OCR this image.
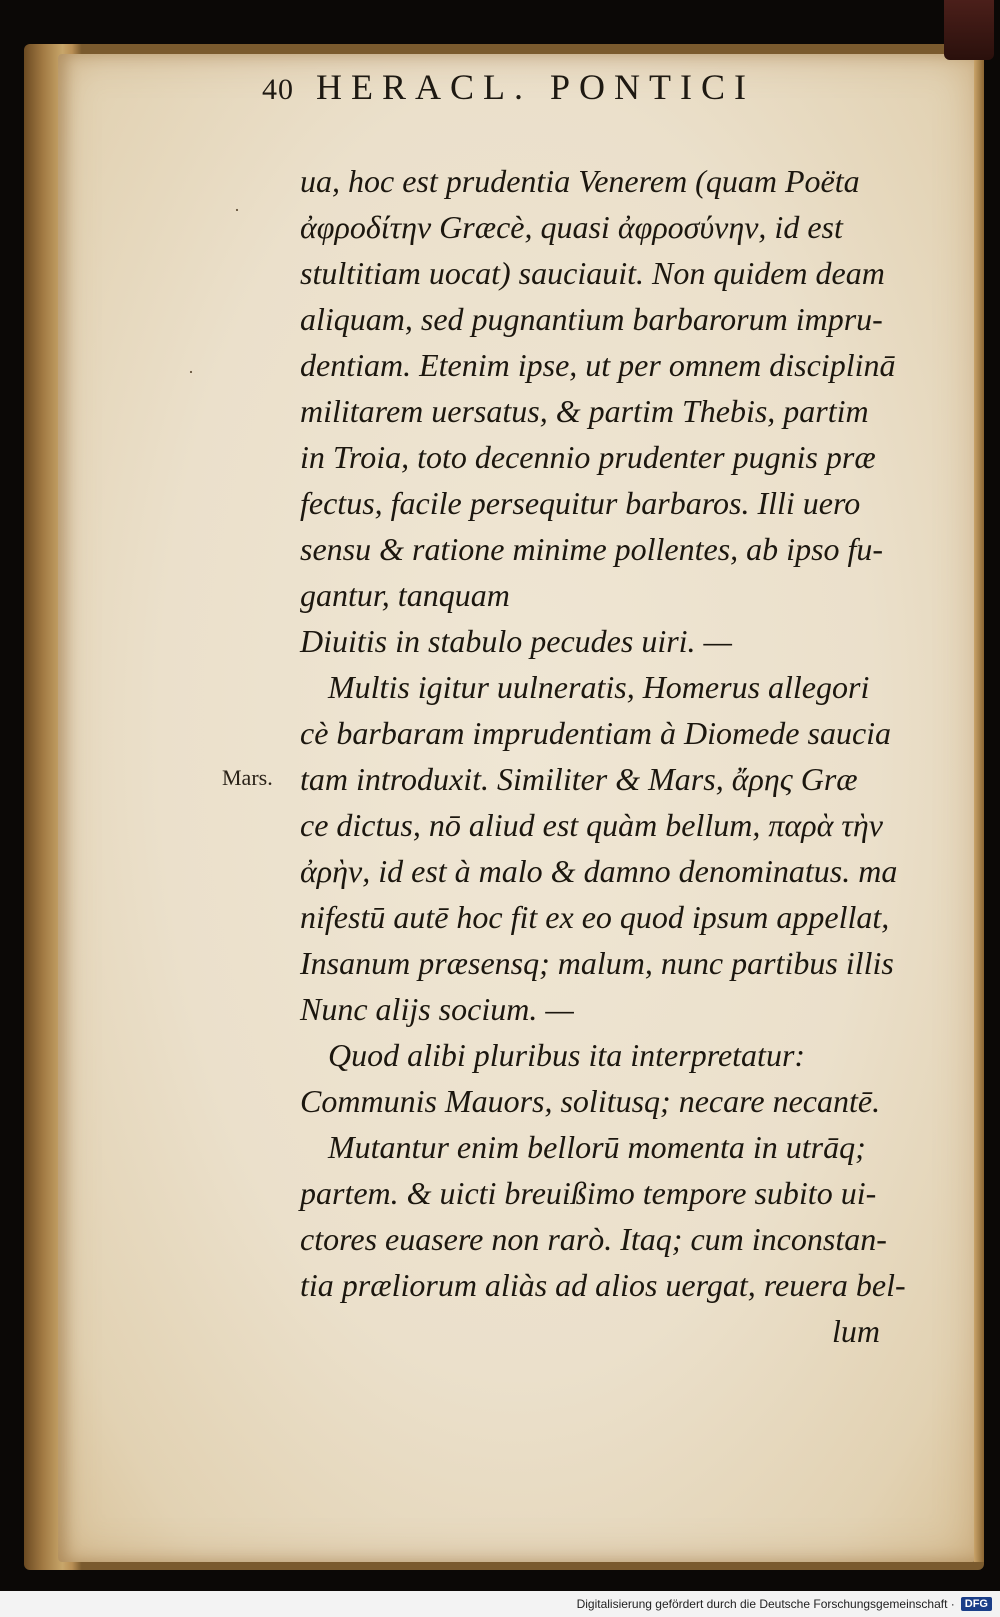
40 HERACL. PONTICI
Mars.
·
·
ua, hoc est prudentia Venerem (quam Poëta
ἀφροδίτην Græcè, quasi ἀφροσύνην, id est
stultitiam uocat) sauciauit. Non quidem deam
aliquam, sed pugnantium barbarorum impru-
dentiam. Etenim ipse, ut per omnem disciplinā
militarem uersatus, & partim Thebis, partim
in Troia, toto decennio prudenter pugnis præ
fectus, facile persequitur barbaros. Illi uero
sensu & ratione minime pollentes, ab ipso fu-
gantur, tanquam
Diuitis in stabulo pecudes uiri. —
Multis igitur uulneratis, Homerus allegori
cè barbaram imprudentiam à Diomede saucia
tam introduxit. Similiter & Mars, ἄρης Græ
ce dictus, nō aliud est quàm bellum, παρὰ τὴν
ἀρὴν, id est à malo & damno denominatus. ma
nifestū autē hoc fit ex eo quod ipsum appellat,
Insanum præsensq; malum, nunc partibus illis
Nunc alijs socium. —
Quod alibi pluribus ita interpretatur:
Communis Mauors, solitusq; necare necantē.
Mutantur enim bellorū momenta in utrāq;
partem. & uicti breuißimo tempore subito ui-
ctores euasere non rarò. Itaq; cum inconstan-
tia præliorum aliàs ad alios uergat, reuera bel-
lum
Digitalisierung gefördert durch die Deutsche Forschungsgemeinschaft · DFG
